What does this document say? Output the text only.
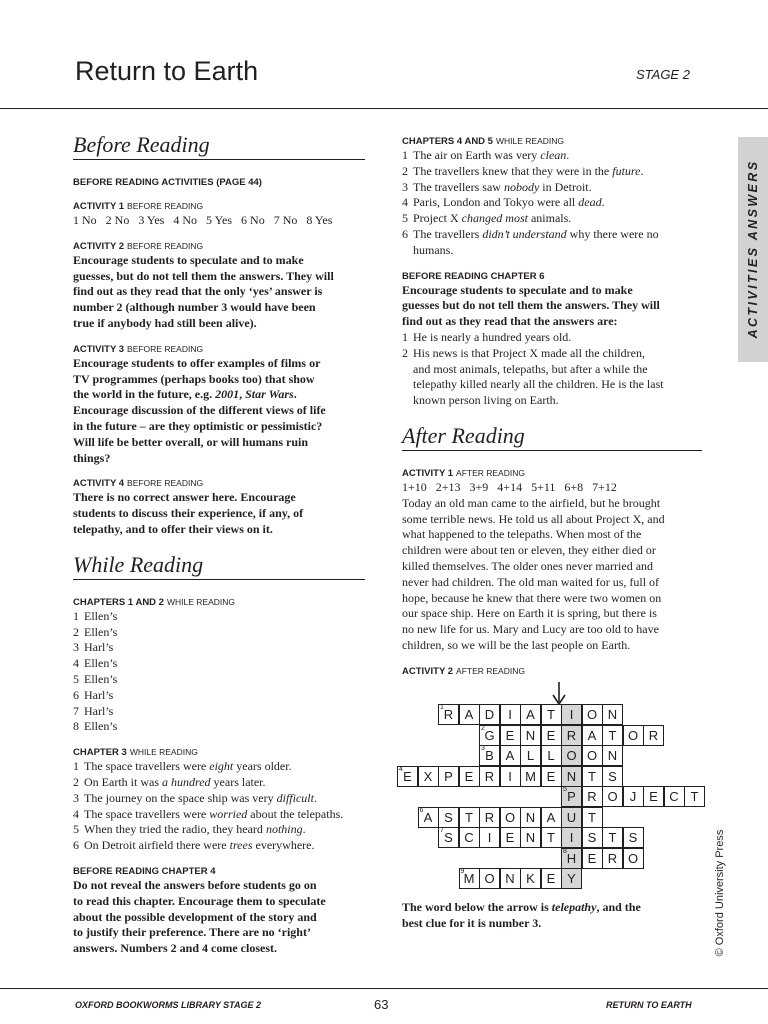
Return to Earth	STAGE 2
ACTIVITIES ANSWERS
Before Reading
BEFORE READING ACTIVITIES (PAGE 44)
ACTIVITY 1 BEFORE READING
1 No   2 No   3 Yes   4 No   5 Yes   6 No   7 No   8 Yes
ACTIVITY 2 BEFORE READING
Encourage students to speculate and to make
guesses, but do not tell them the answers. They will
find out as they read that the only ‘yes’ answer is
number 2 (although number 3 would have been
true if anybody had still been alive).
ACTIVITY 3 BEFORE READING
Encourage students to offer examples of films or
TV programmes (perhaps books too) that show
the world in the future, e.g. 2001, Star Wars.
Encourage discussion of the different views of life
in the future – are they optimistic or pessimistic?
Will life be better overall, or will humans ruin
things?
ACTIVITY 4 BEFORE READING
There is no correct answer here. Encourage
students to discuss their experience, if any, of
telepathy, and to offer their views on it.
While Reading
CHAPTERS 1 AND 2 WHILE READING
1 Ellen’s
2 Ellen’s
3 Harl’s
4 Ellen’s
5 Ellen’s
6 Harl’s
7 Harl’s
8 Ellen’s
CHAPTER 3 WHILE READING
1 The space travellers were eight years older.
2 On Earth it was a hundred years later.
3 The journey on the space ship was very difficult.
4 The space travellers were worried about the telepaths.
5 When they tried the radio, they heard nothing.
6 On Detroit airfield there were trees everywhere.
BEFORE READING CHAPTER 4
Do not reveal the answers before students go on
to read this chapter. Encourage them to speculate
about the possible development of the story and
to justify their preference. There are no ‘right’
answers. Numbers 2 and 4 come closest.
CHAPTERS 4 AND 5 WHILE READING
1 The air on Earth was very clean.
2 The travellers knew that they were in the future.
3 The travellers saw nobody in Detroit.
4 Paris, London and Tokyo were all dead.
5 Project X changed most animals.
6 The travellers didn’t understand why there were no
humans.
BEFORE READING CHAPTER 6
Encourage students to speculate and to make
guesses but do not tell them the answers. They will
find out as they read that the answers are:
1 He is nearly a hundred years old.
2 His news is that Project X made all the children,
and most animals, telepaths, but after a while the
telepathy killed nearly all the children. He is the last
known person living on Earth.
After Reading
ACTIVITY 1 AFTER READING
1+10   2+13   3+9   4+14   5+11   6+8   7+12
Today an old man came to the airfield, but he brought
some terrible news. He told us all about Project X, and
what happened to the telepaths. When most of the
children were about ten or eleven, they either died or
killed themselves. The older ones never married and
never had children. The old man waited for us, full of
hope, because he knew that there were two women on
our space ship. Here on Earth it is spring, but there is
no new life for us. Mary and Lucy are too old to have
children, so we will be the last people on Earth.
ACTIVITY 2 AFTER READING
1 R A D	I	A T	I	O N
2 G E N E R A T O R
3 B A L	L O O N
4 E X P E R	I	M E N T S
5 P R O J E C T
6 A S T R O N A U T
7 S C	I	E N T	I	S T S
8 H E R O
9 M O N K E Y
The word below the arrow is telepathy, and the
best clue for it is number 3.	© Oxford University Press
OXFORD BOOKWORMS LIBRARY STAGE 2	63	RETURN TO EARTH
